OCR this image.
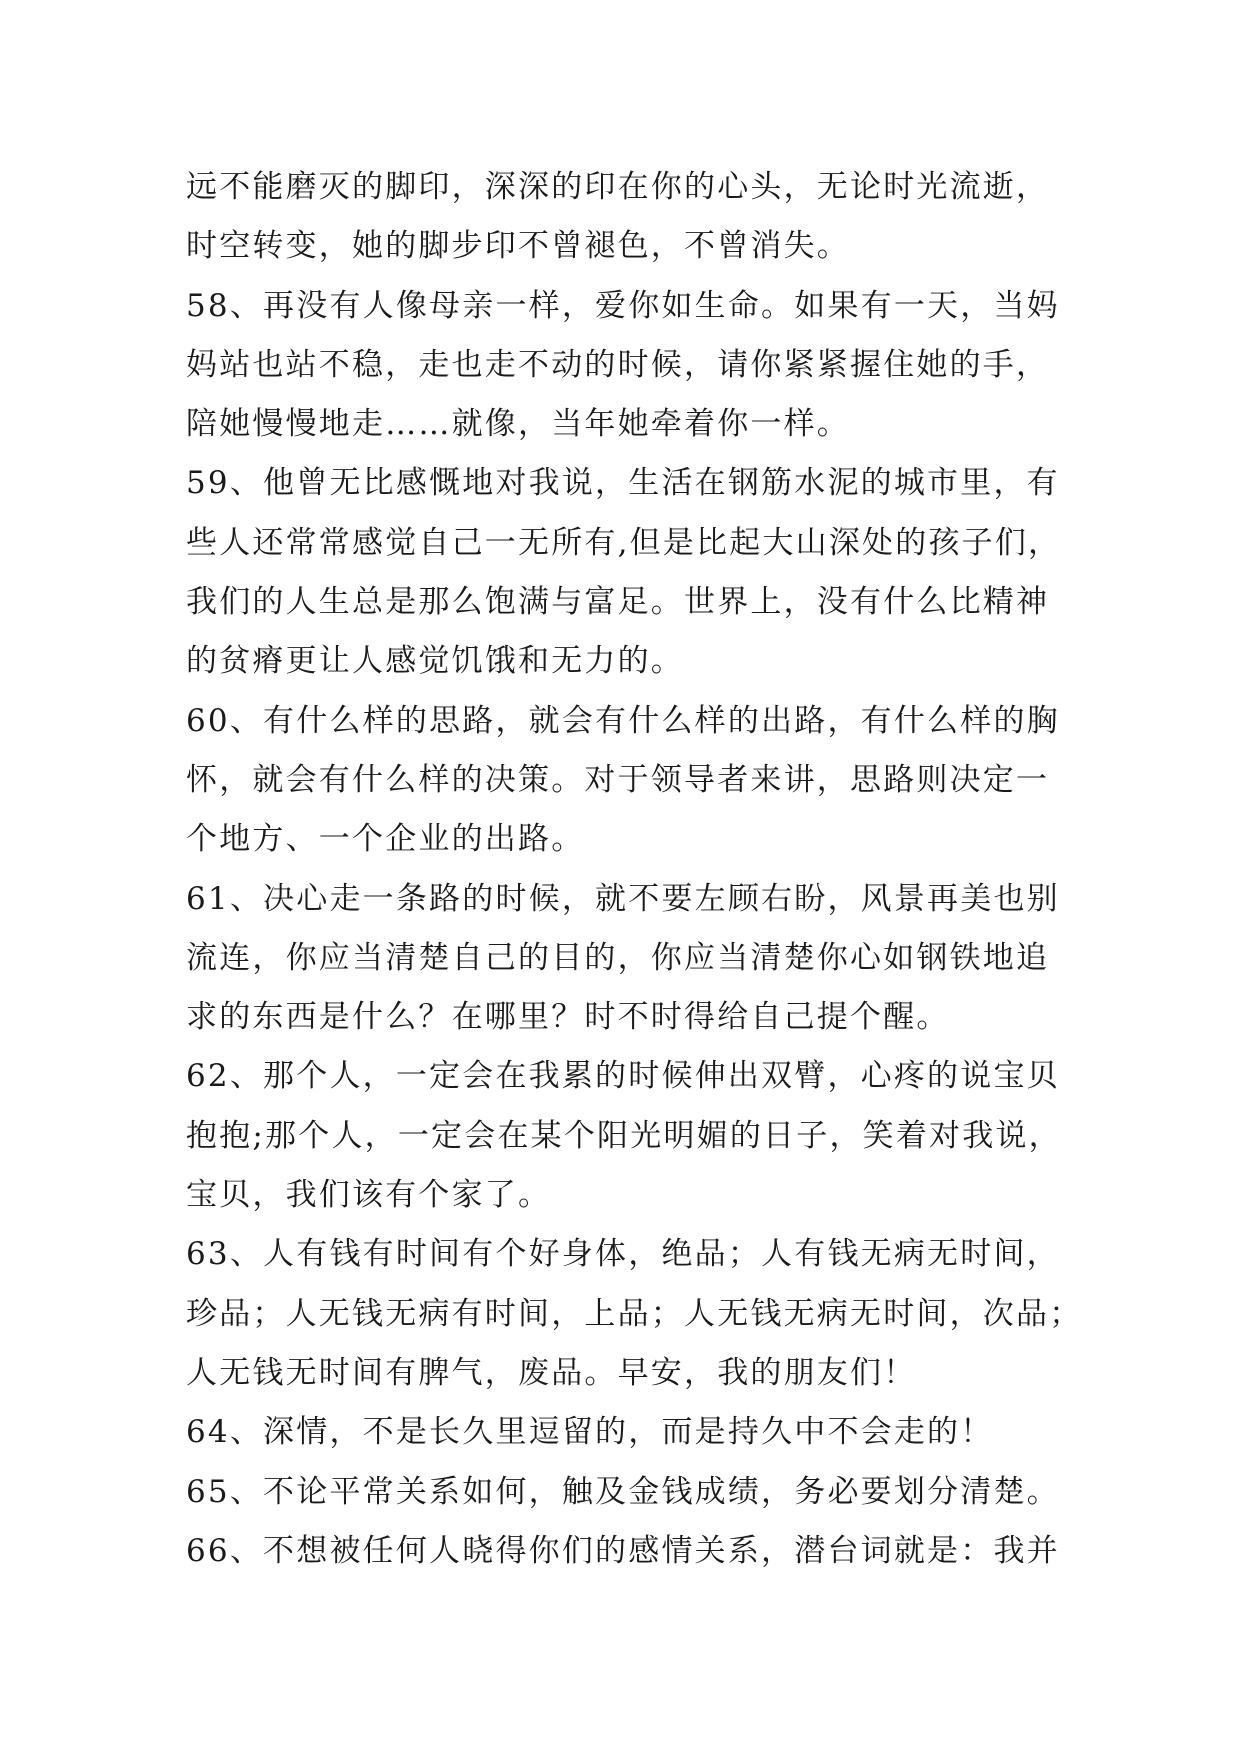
远不能磨灭的脚印，深深的印在你的心头，无论时光流逝，
时空转变，她的脚步印不曾褪色，不曾消失。
58、再没有人像母亲一样，爱你如生命。如果有一天，当妈
妈站也站不稳，走也走不动的时候，请你紧紧握住她的手，
陪她慢慢地走……就像，当年她牵着你一样。
59、他曾无比感慨地对我说，生活在钢筋水泥的城市里，有
些人还常常感觉自己一无所有,但是比起大山深处的孩子们，
我们的人生总是那么饱满与富足。世界上，没有什么比精神
的贫瘠更让人感觉饥饿和无力的。
60、有什么样的思路，就会有什么样的出路，有什么样的胸
怀，就会有什么样的决策。对于领导者来讲，思路则决定一
个地方、一个企业的出路。
61、决心走一条路的时候，就不要左顾右盼，风景再美也别
流连，你应当清楚自己的目的，你应当清楚你心如钢铁地追
求的东西是什么？在哪里？时不时得给自己提个醒。
62、那个人，一定会在我累的时候伸出双臂，心疼的说宝贝
抱抱;那个人，一定会在某个阳光明媚的日子，笑着对我说，
宝贝，我们该有个家了。
63、人有钱有时间有个好身体，绝品；人有钱无病无时间，
珍品；人无钱无病有时间，上品；人无钱无病无时间，次品；
人无钱无时间有脾气，废品。早安，我的朋友们！
64、深情，不是长久里逗留的，而是持久中不会走的！
65、不论平常关系如何，触及金钱成绩，务必要划分清楚。
66、不想被任何人晓得你们的感情关系，潜台词就是：我并
